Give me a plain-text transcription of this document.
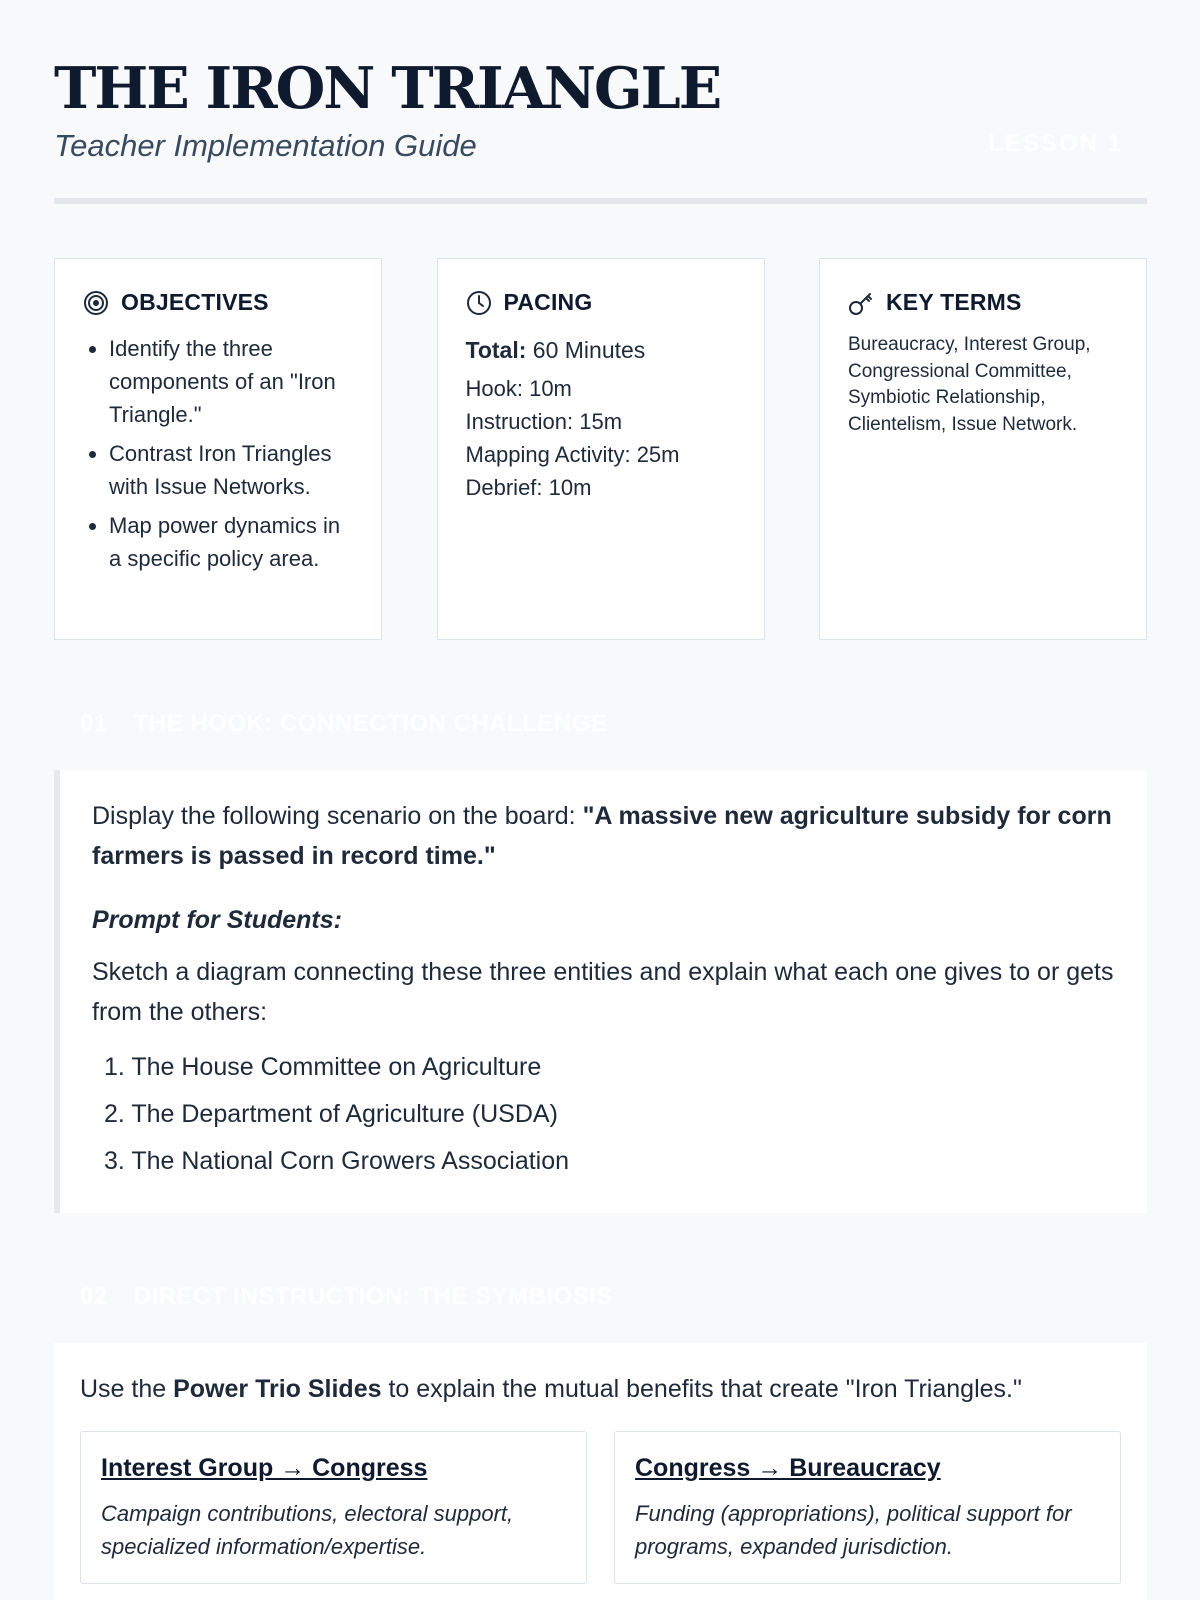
THE IRON TRIANGLE
Teacher Implementation Guide	LESSON 1
OBJECTIVES
• Identify the three components of an "Iron Triangle."
• Contrast Iron Triangles with Issue Networks.
• Map power dynamics in a specific policy area.
PACING
Total: 60 Minutes
Hook: 10m
Instruction: 15m
Mapping Activity: 25m
Debrief: 10m
KEY TERMS
Bureaucracy, Interest Group, Congressional Committee, Symbiotic Relationship, Clientelism, Issue Network.
01 THE HOOK: CONNECTION CHALLENGE

Display the following scenario on the board: "A massive new agriculture subsidy for corn farmers is passed in record time."

Prompt for Students:

Sketch a diagram connecting these three entities and explain what each one gives to or gets from the others:

1. The House Committee on Agriculture
2. The Department of Agriculture (USDA)
3. The National Corn Growers Association
02 DIRECT INSTRUCTION: THE SYMBIOSIS

Use the Power Trio Slides to explain the mutual benefits that create "Iron Triangles."

Interest Group → Congress
Campaign contributions, electoral support, specialized information/expertise.
Congress → Bureaucracy
Funding (appropriations), political support for programs, expanded jurisdiction.
